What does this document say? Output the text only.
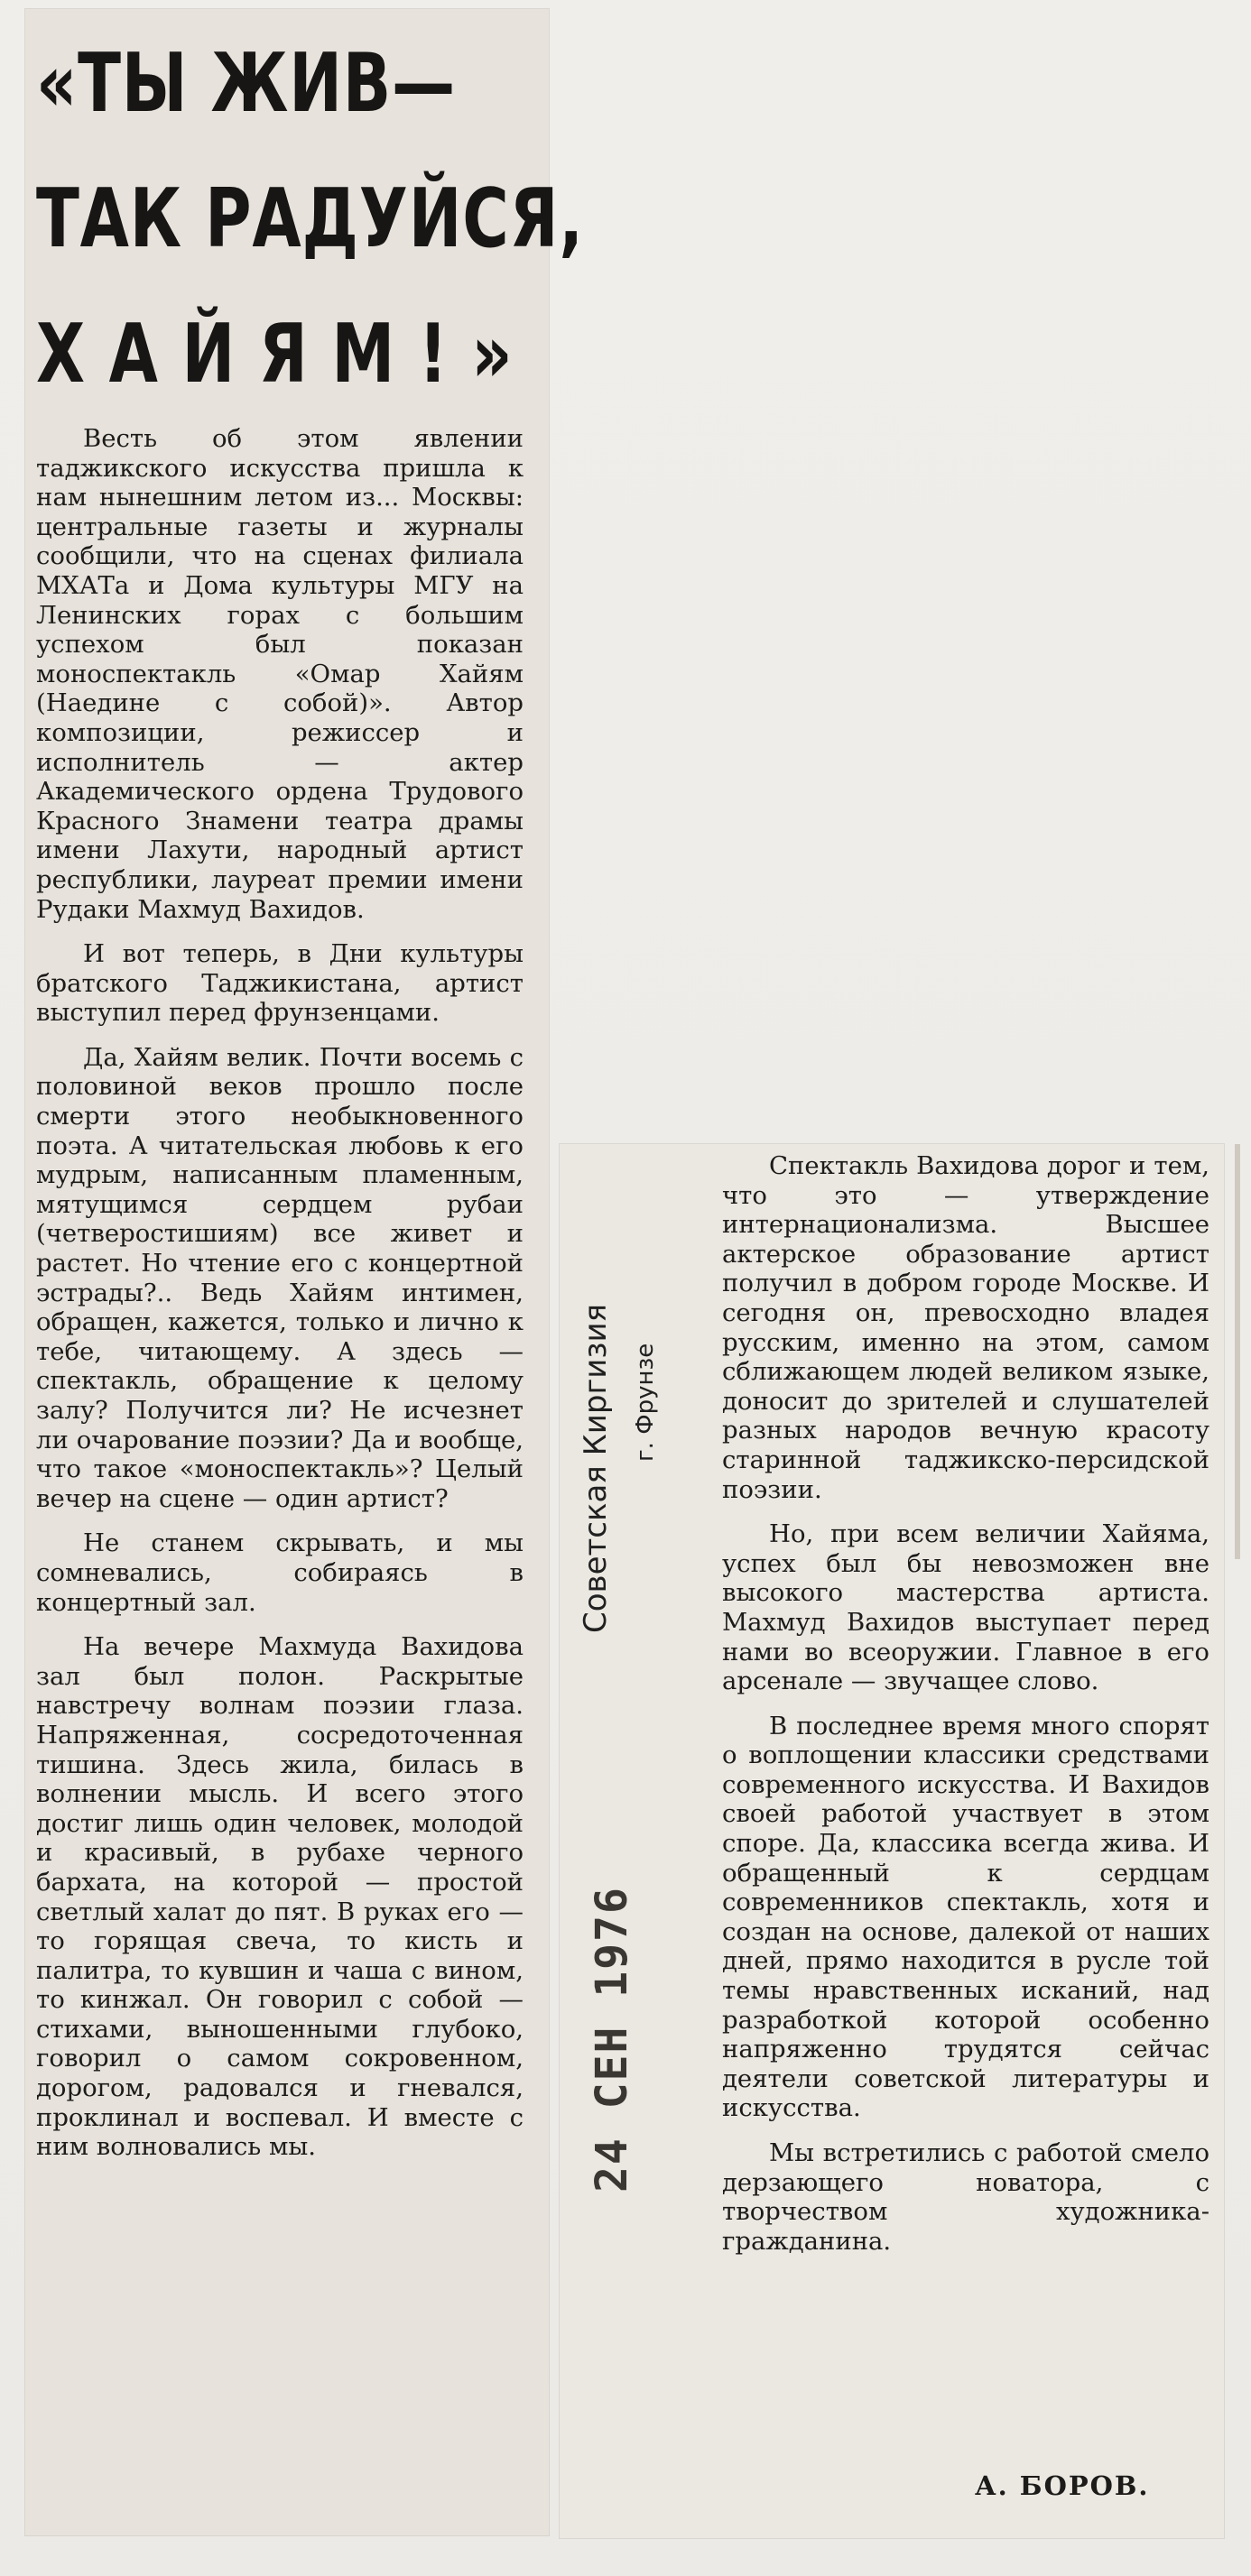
«ТЫ ЖИВ—
ТАК РАДУЙСЯ,
ХАЙЯМ!»

Весть об этом явлении таджикского искусства пришла к нам нынешним летом из... Москвы: центральные газеты и журналы сообщили, что на сценах филиала МХАТа и Дома культуры МГУ на Ленинских горах с большим успехом был показан моноспектакль «Омар Хайям (Наедине с собой)». Автор композиции, режиссер и исполнитель — актер Академического ордена Трудового Красного Знамени театра драмы имени Лахути, народный артист республики, лауреат премии имени Рудаки Махмуд Вахидов.

И вот теперь, в Дни культуры братского Таджикистана, артист выступил перед фрунзенцами.

Да, Хайям велик. Почти восемь с половиной веков прошло после смерти этого необыкновенного поэта. А читательская любовь к его мудрым, написанным пламенным, мятущимся сердцем рубаи (четверостишиям) все живет и растет. Но чтение его с концертной эстрады?.. Ведь Хайям интимен, обращен, кажется, только и лично к тебе, читающему. А здесь — спектакль, обращение к целому залу? Получится ли? Не исчезнет ли очарование поэзии? Да и вообще, что такое «моноспектакль»? Целый вечер на сцене — один артист?

Не станем скрывать, и мы сомневались, собираясь в концертный зал.

На вечере Махмуда Вахидова зал был полон. Раскрытые навстречу волнам поэзии глаза. Напряженная, сосредоточенная тишина. Здесь жила, билась в волнении мысль. И всего этого достиг лишь один человек, молодой и красивый, в рубахе черного бархата, на которой — простой светлый халат до пят. В руках его — то горящая свеча, то кисть и палитра, то кувшин и чаша с вином, то кинжал. Он говорил с собой — стихами, выношенными глубоко, говорил о самом сокровенном, дорогом, радовался и гневался, проклинал и воспевал. И вместе с ним волновались мы.

Советская Киргизия г. Фрунзе
24 СЕН 1976

Спектакль Вахидова дорог и тем, что это — утверждение интернационализма. Высшее актерское образование артист получил в добром городе Москве. И сегодня он, превосходно владея русским, именно на этом, самом сближающем людей великом языке, доносит до зрителей и слушателей разных народов вечную красоту старинной таджикско-персидской поэзии.

Но, при всем величии Хайяма, успех был бы невозможен вне высокого мастерства артиста. Махмуд Вахидов выступает перед нами во всеоружии. Главное в его арсенале — звучащее слово.

В последнее время много спорят о воплощении классики средствами современного искусства. И Вахидов своей работой участвует в этом споре. Да, классика всегда жива. И обращенный к сердцам современников спектакль, хотя и создан на основе, далекой от наших дней, прямо находится в русле той темы нравственных исканий, над разработкой которой особенно напряженно трудятся сейчас деятели советской литературы и искусства.

Мы встретились с работой смело дерзающего новатора, с творчеством художника-гражданина.

А. БОРОВ.
